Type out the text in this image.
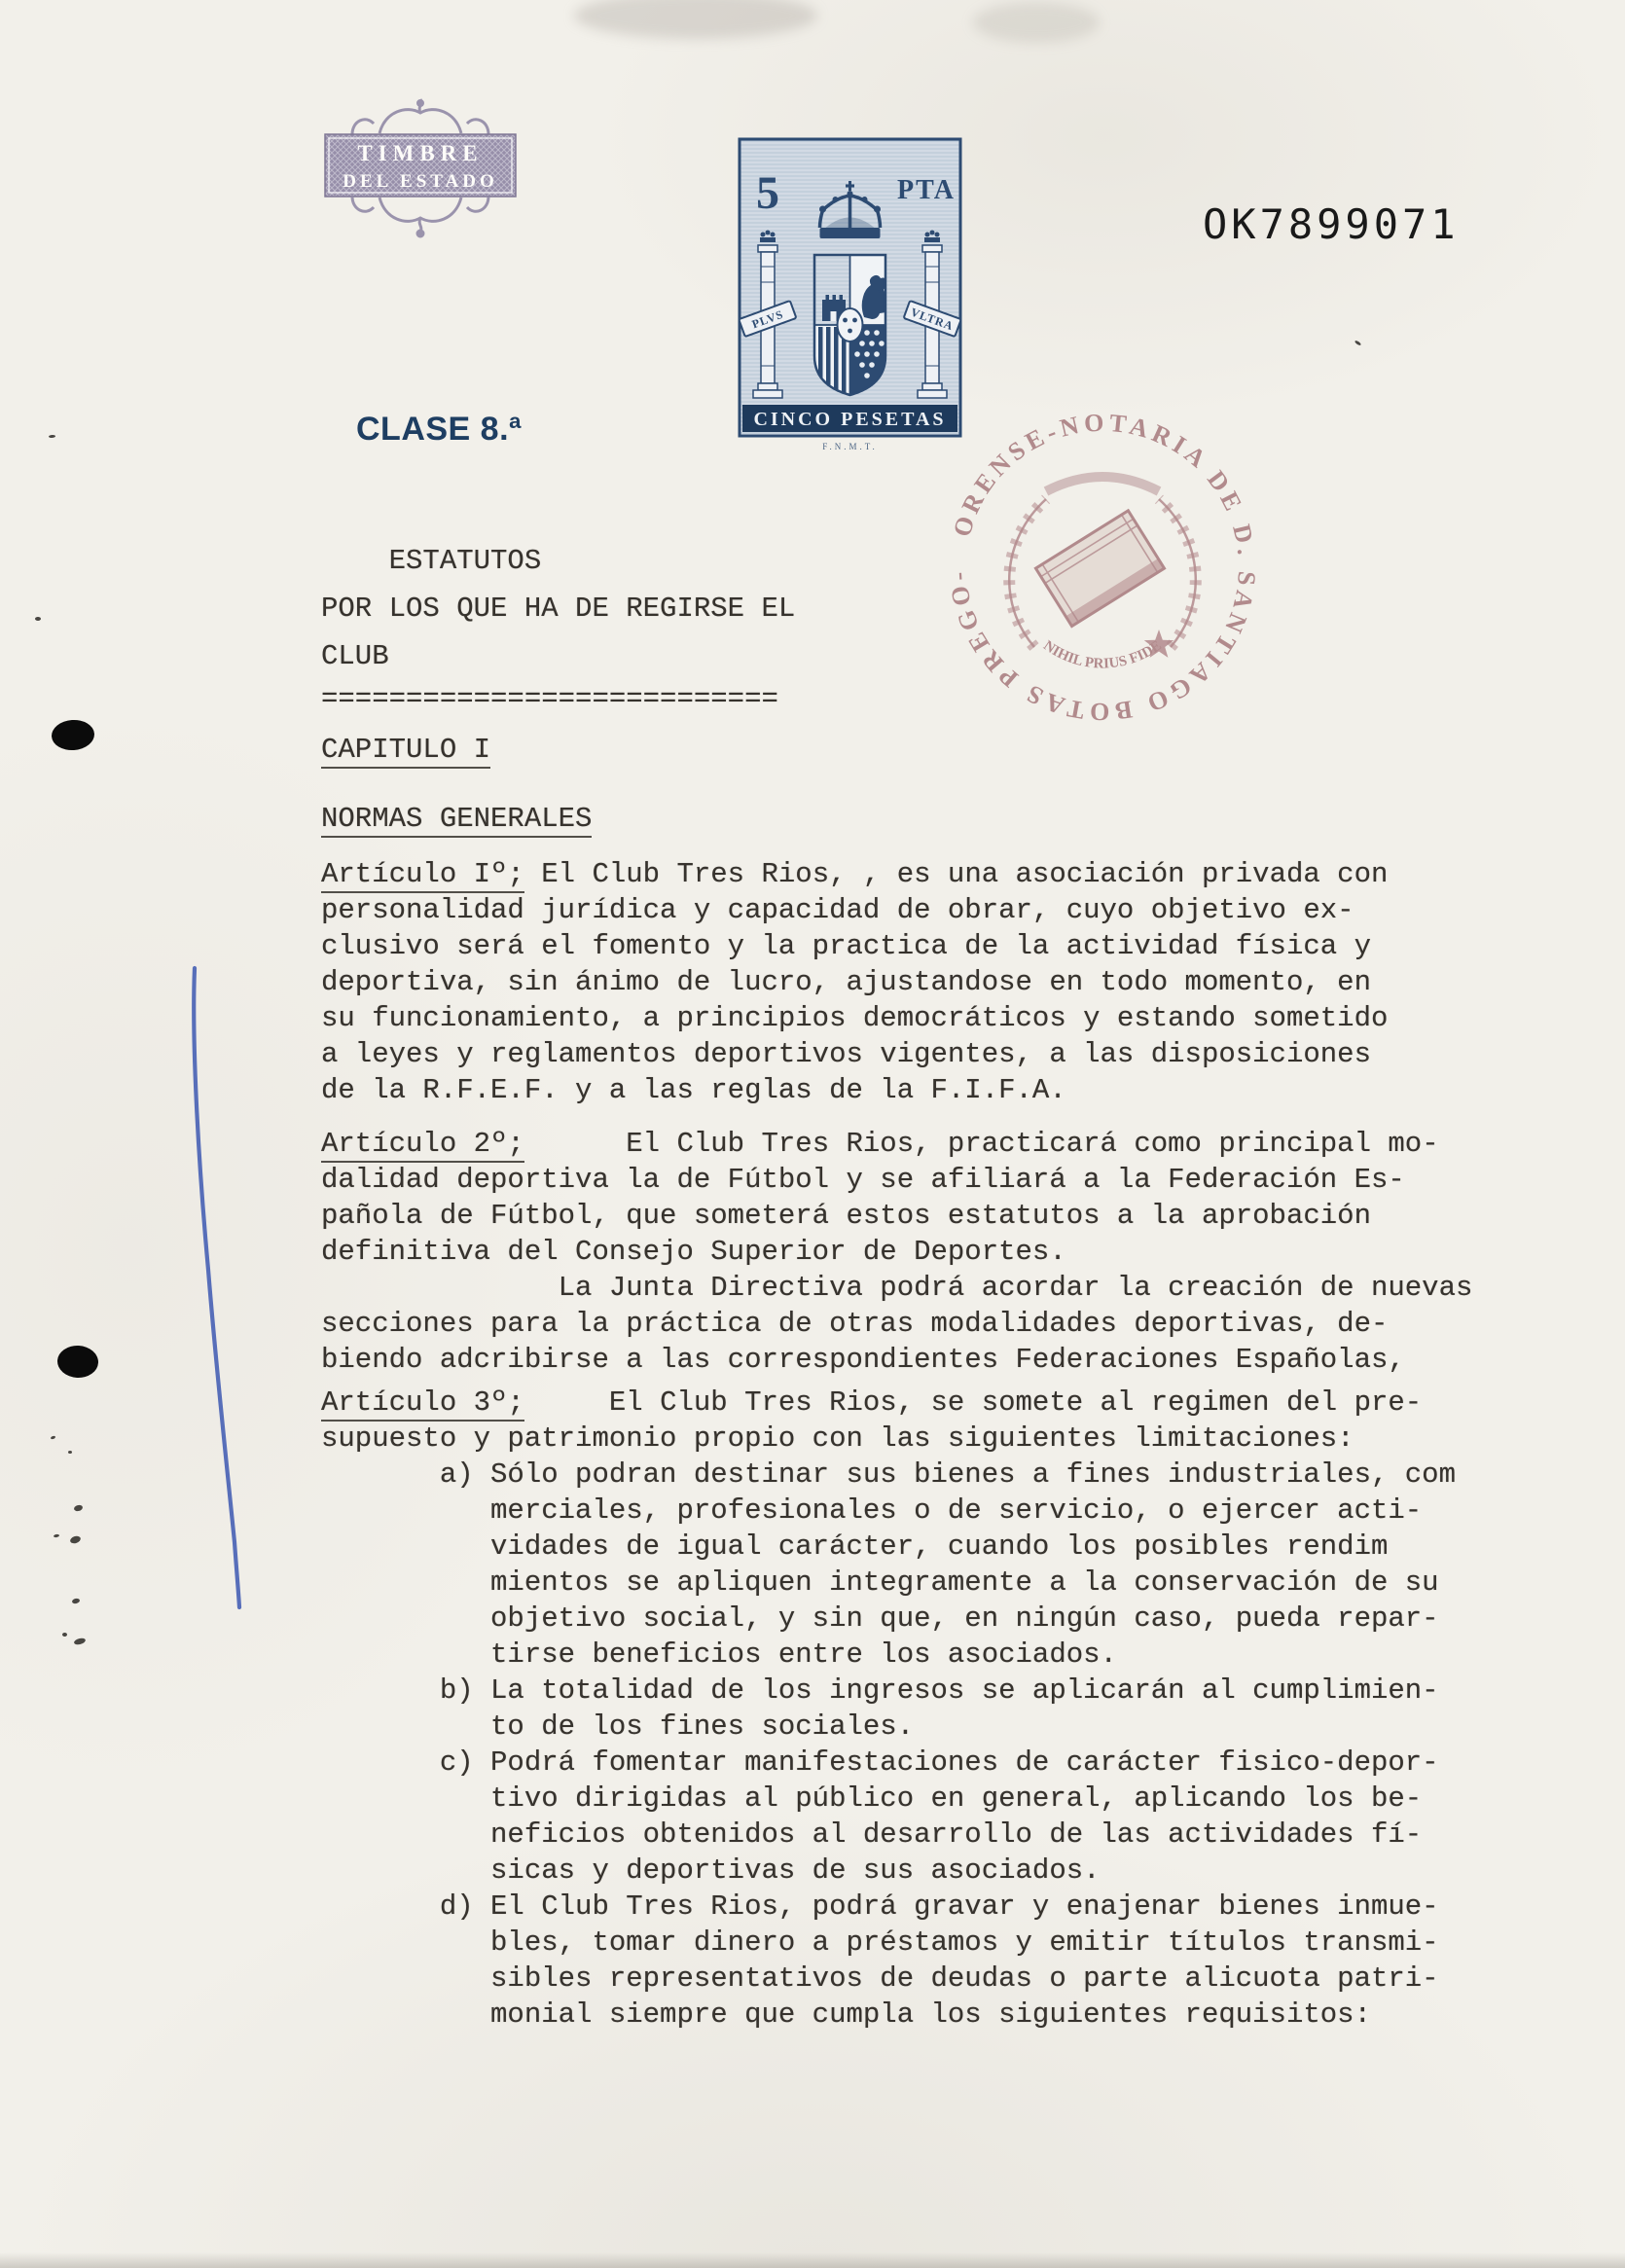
TIMBRE
DEL ESTADO	5	PTA
PLVS	VLTRA
CINCO PESETAS
F.N.M.T.
OK7899071
CLASE 8.ª
ORENSE-NOTARIA DE D. SANTIAGO BOTAS PREGO-
NIHIL PRIUS FIDE
ESTATUTOS
POR LOS QUE HA DE REGIRSE EL
CLUB
===========================
CAPITULO I
NORMAS GENERALES
Artículo Iº; El Club Tres Rios, , es una asociación privada con
personalidad jurídica y capacidad de obrar, cuyo objetivo ex-
clusivo será el fomento y la practica de la actividad física y
deportiva, sin ánimo de lucro, ajustandose en todo momento, en
su funcionamiento, a principios democráticos y estando sometido
a leyes y reglamentos deportivos vigentes, a las disposiciones
de la R.F.E.F. y a las reglas de la F.I.F.A.
Artículo 2º;      El Club Tres Rios, practicará como principal mo-
dalidad deportiva la de Fútbol y se afiliará a la Federación Es-
pañola de Fútbol, que someterá estos estatutos a la aprobación
definitiva del Consejo Superior de Deportes.
La Junta Directiva podrá acordar la creación de nuevas
secciones para la práctica de otras modalidades deportivas, de-
biendo adcribirse a las correspondientes Federaciones Españolas,
Artículo 3º;     El Club Tres Rios, se somete al regimen del pre-
supuesto y patrimonio propio con las siguientes limitaciones:
a) Sólo podran destinar sus bienes a fines industriales, com
merciales, profesionales o de servicio, o ejercer acti-
vidades de igual carácter, cuando los posibles rendim
mientos se apliquen integramente a la conservación de su
objetivo social, y sin que, en ningún caso, pueda repar-
tirse beneficios entre los asociados.
b) La totalidad de los ingresos se aplicarán al cumplimien-
to de los fines sociales.
c) Podrá fomentar manifestaciones de carácter fisico-depor-
tivo dirigidas al público en general, aplicando los be-
neficios obtenidos al desarrollo de las actividades fí-
sicas y deportivas de sus asociados.
d) El Club Tres Rios, podrá gravar y enajenar bienes inmue-
bles, tomar dinero a préstamos y emitir títulos transmi-
sibles representativos de deudas o parte alicuota patri-
monial siempre que cumpla los siguientes requisitos:
